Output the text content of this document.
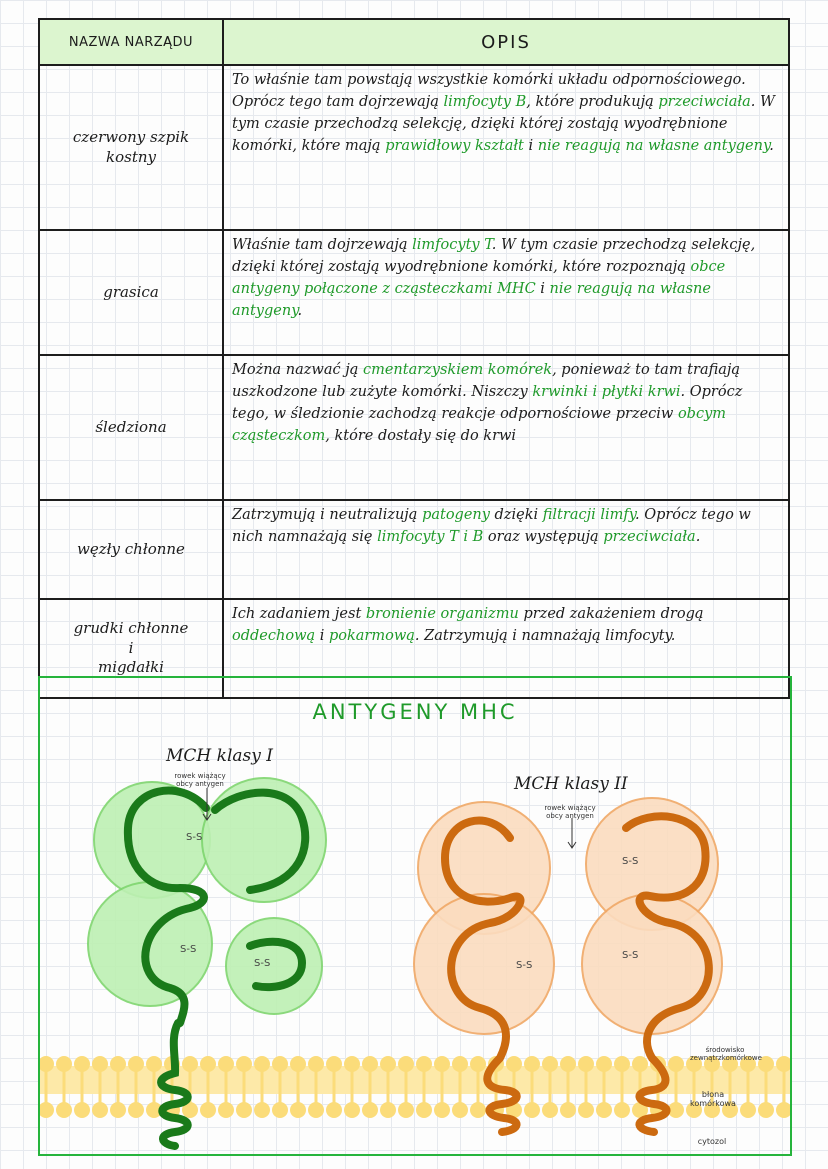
NAZWA NARZĄDU	OPIS
czerwony szpik kostny	To właśnie tam powstają wszystkie komórki układu odpornościowego. Oprócz tego tam dojrzewają limfocyty B, które produkują przeciwciała. W tym czasie przechodzą selekcję, dzięki której zostają wyodrębnione komórki, które mają prawidłowy kształt i nie reagują na własne antygeny.
grasica	Właśnie tam dojrzewają limfocyty T. W tym czasie przechodzą selekcję, dzięki której zostają wyodrębnione komórki, które rozpoznają obce antygeny połączone z cząsteczkami MHC i nie reagują na własne antygeny.
śledziona	Można nazwać ją cmentarzyskiem komórek, ponieważ to tam trafiają uszkodzone lub zużyte komórki. Niszczy krwinki i płytki krwi. Oprócz tego, w śledzionie zachodzą reakcje odpornościowe przeciw obcym cząsteczkom, które dostały się do krwi
węzły chłonne	Zatrzymują i neutralizują patogeny dzięki filtracji limfy. Oprócz tego w nich namnażają się limfocyty T i B oraz występują przeciwciała.

grudki chłonne
i
migdałki	Ich zadaniem jest bronienie organizmu przed zakażeniem drogą oddechową i pokarmową. Zatrzymują i namnażają limfocyty.
ANTYGENY MHC
S-S
S-S
S-S	S-S
S-S
S-S
MCH klasy I
MCH klasy II
rowek wiążący obcy antygen
rowek wiążący obcy antygen
środowisko zewnątrzkomórkowe
błona komórkowa
cytozol
